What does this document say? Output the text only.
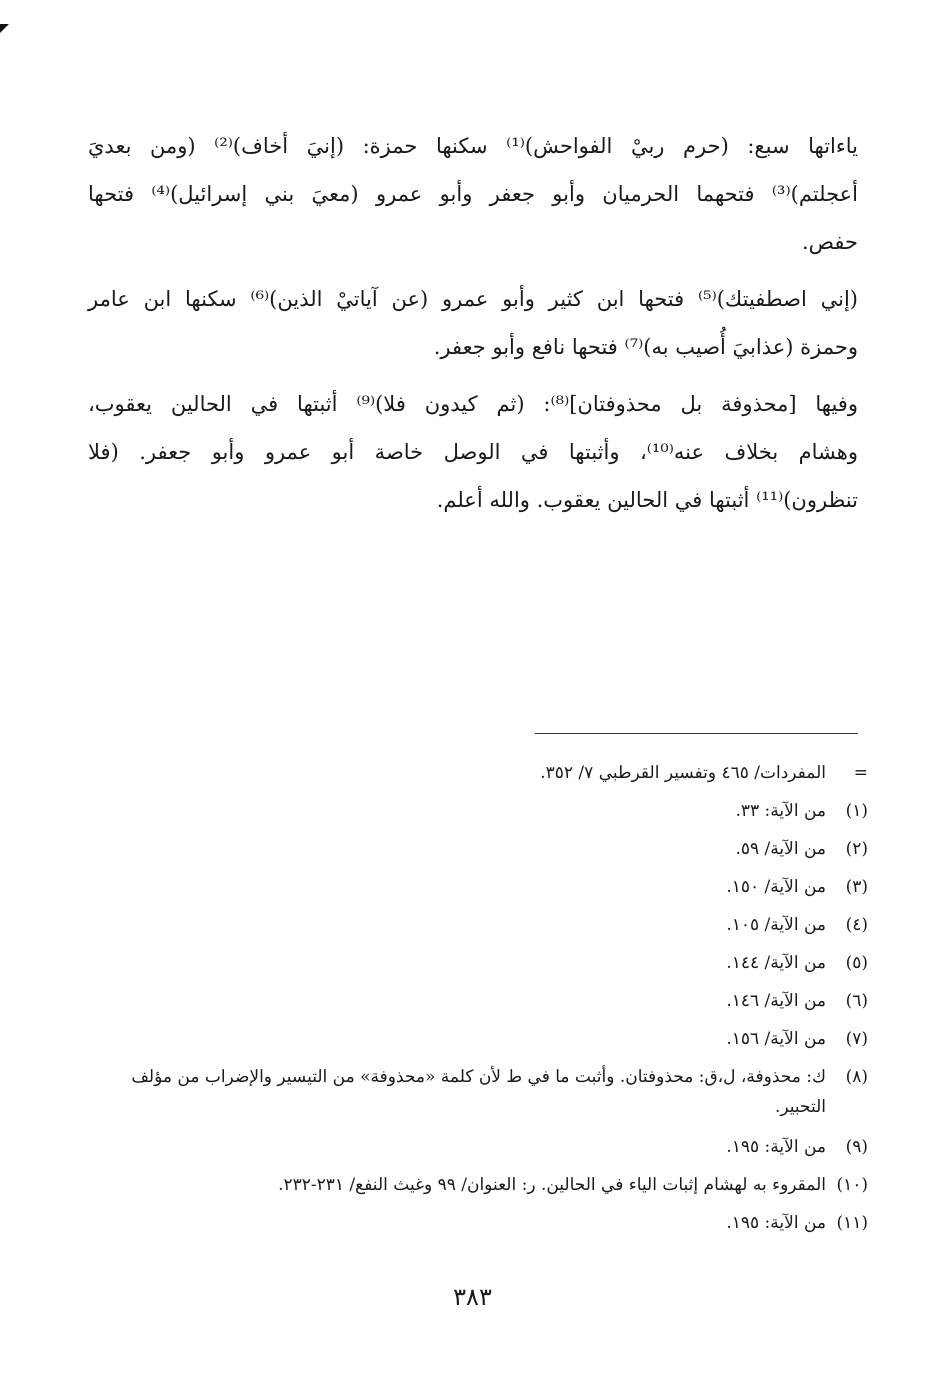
ياءاتها سبع: (حرم ربيْ الفواحش)⁽¹⁾ سكنها حمزة: (إنيَ أخاف)⁽²⁾ (ومن بعديَ
أعجلتم)⁽³⁾ فتحهما الحرميان وأبو جعفر وأبو عمرو (معيَ بني إسرائيل)⁽⁴⁾ فتحها
حفص.

(إني اصطفيتك)⁽⁵⁾ فتحها ابن كثير وأبو عمرو (عن آياتيْ الذين)⁽⁶⁾ سكنها ابن عامر
وحمزة (عذابيَ أُصيب به)⁽⁷⁾ فتحها نافع وأبو جعفر.

وفيها [محذوفة بل محذوفتان]⁽⁸⁾: (ثم كيدون فلا)⁽⁹⁾ أثبتها في الحالين يعقوب،
وهشام بخلاف عنه⁽¹⁰⁾، وأثبتها في الوصل خاصة أبو عمرو وأبو جعفر. (فلا
تنظرون)⁽¹¹⁾ أثبتها في الحالين يعقوب. والله أعلم.

=
المفردات/ ٤٦٥ وتفسير القرطبي ٧/ ٣٥٢.
(١)
من الآية: ٣٣.
(٢)
من الآية/ ٥٩.
(٣)
من الآية/ ١٥٠.
(٤)
من الآية/ ١٠٥.
(٥)
من الآية/ ١٤٤.
(٦)
من الآية/ ١٤٦.
(٧)
من الآية/ ١٥٦.
(٨)
ك: محذوفة، ل،ق: محذوفتان. وأثبت ما في ط لأن كلمة «محذوفة» من التيسير والإضراب من مؤلف التحبير.
(٩)
من الآية: ١٩٥.
(١٠)
المقروء به لهشام إثبات الياء في الحالين. ر: العنوان/ ٩٩ وغيث النفع/ ٢٣١-٢٣٢.
(١١)
من الآية: ١٩٥.
٣٨٣
